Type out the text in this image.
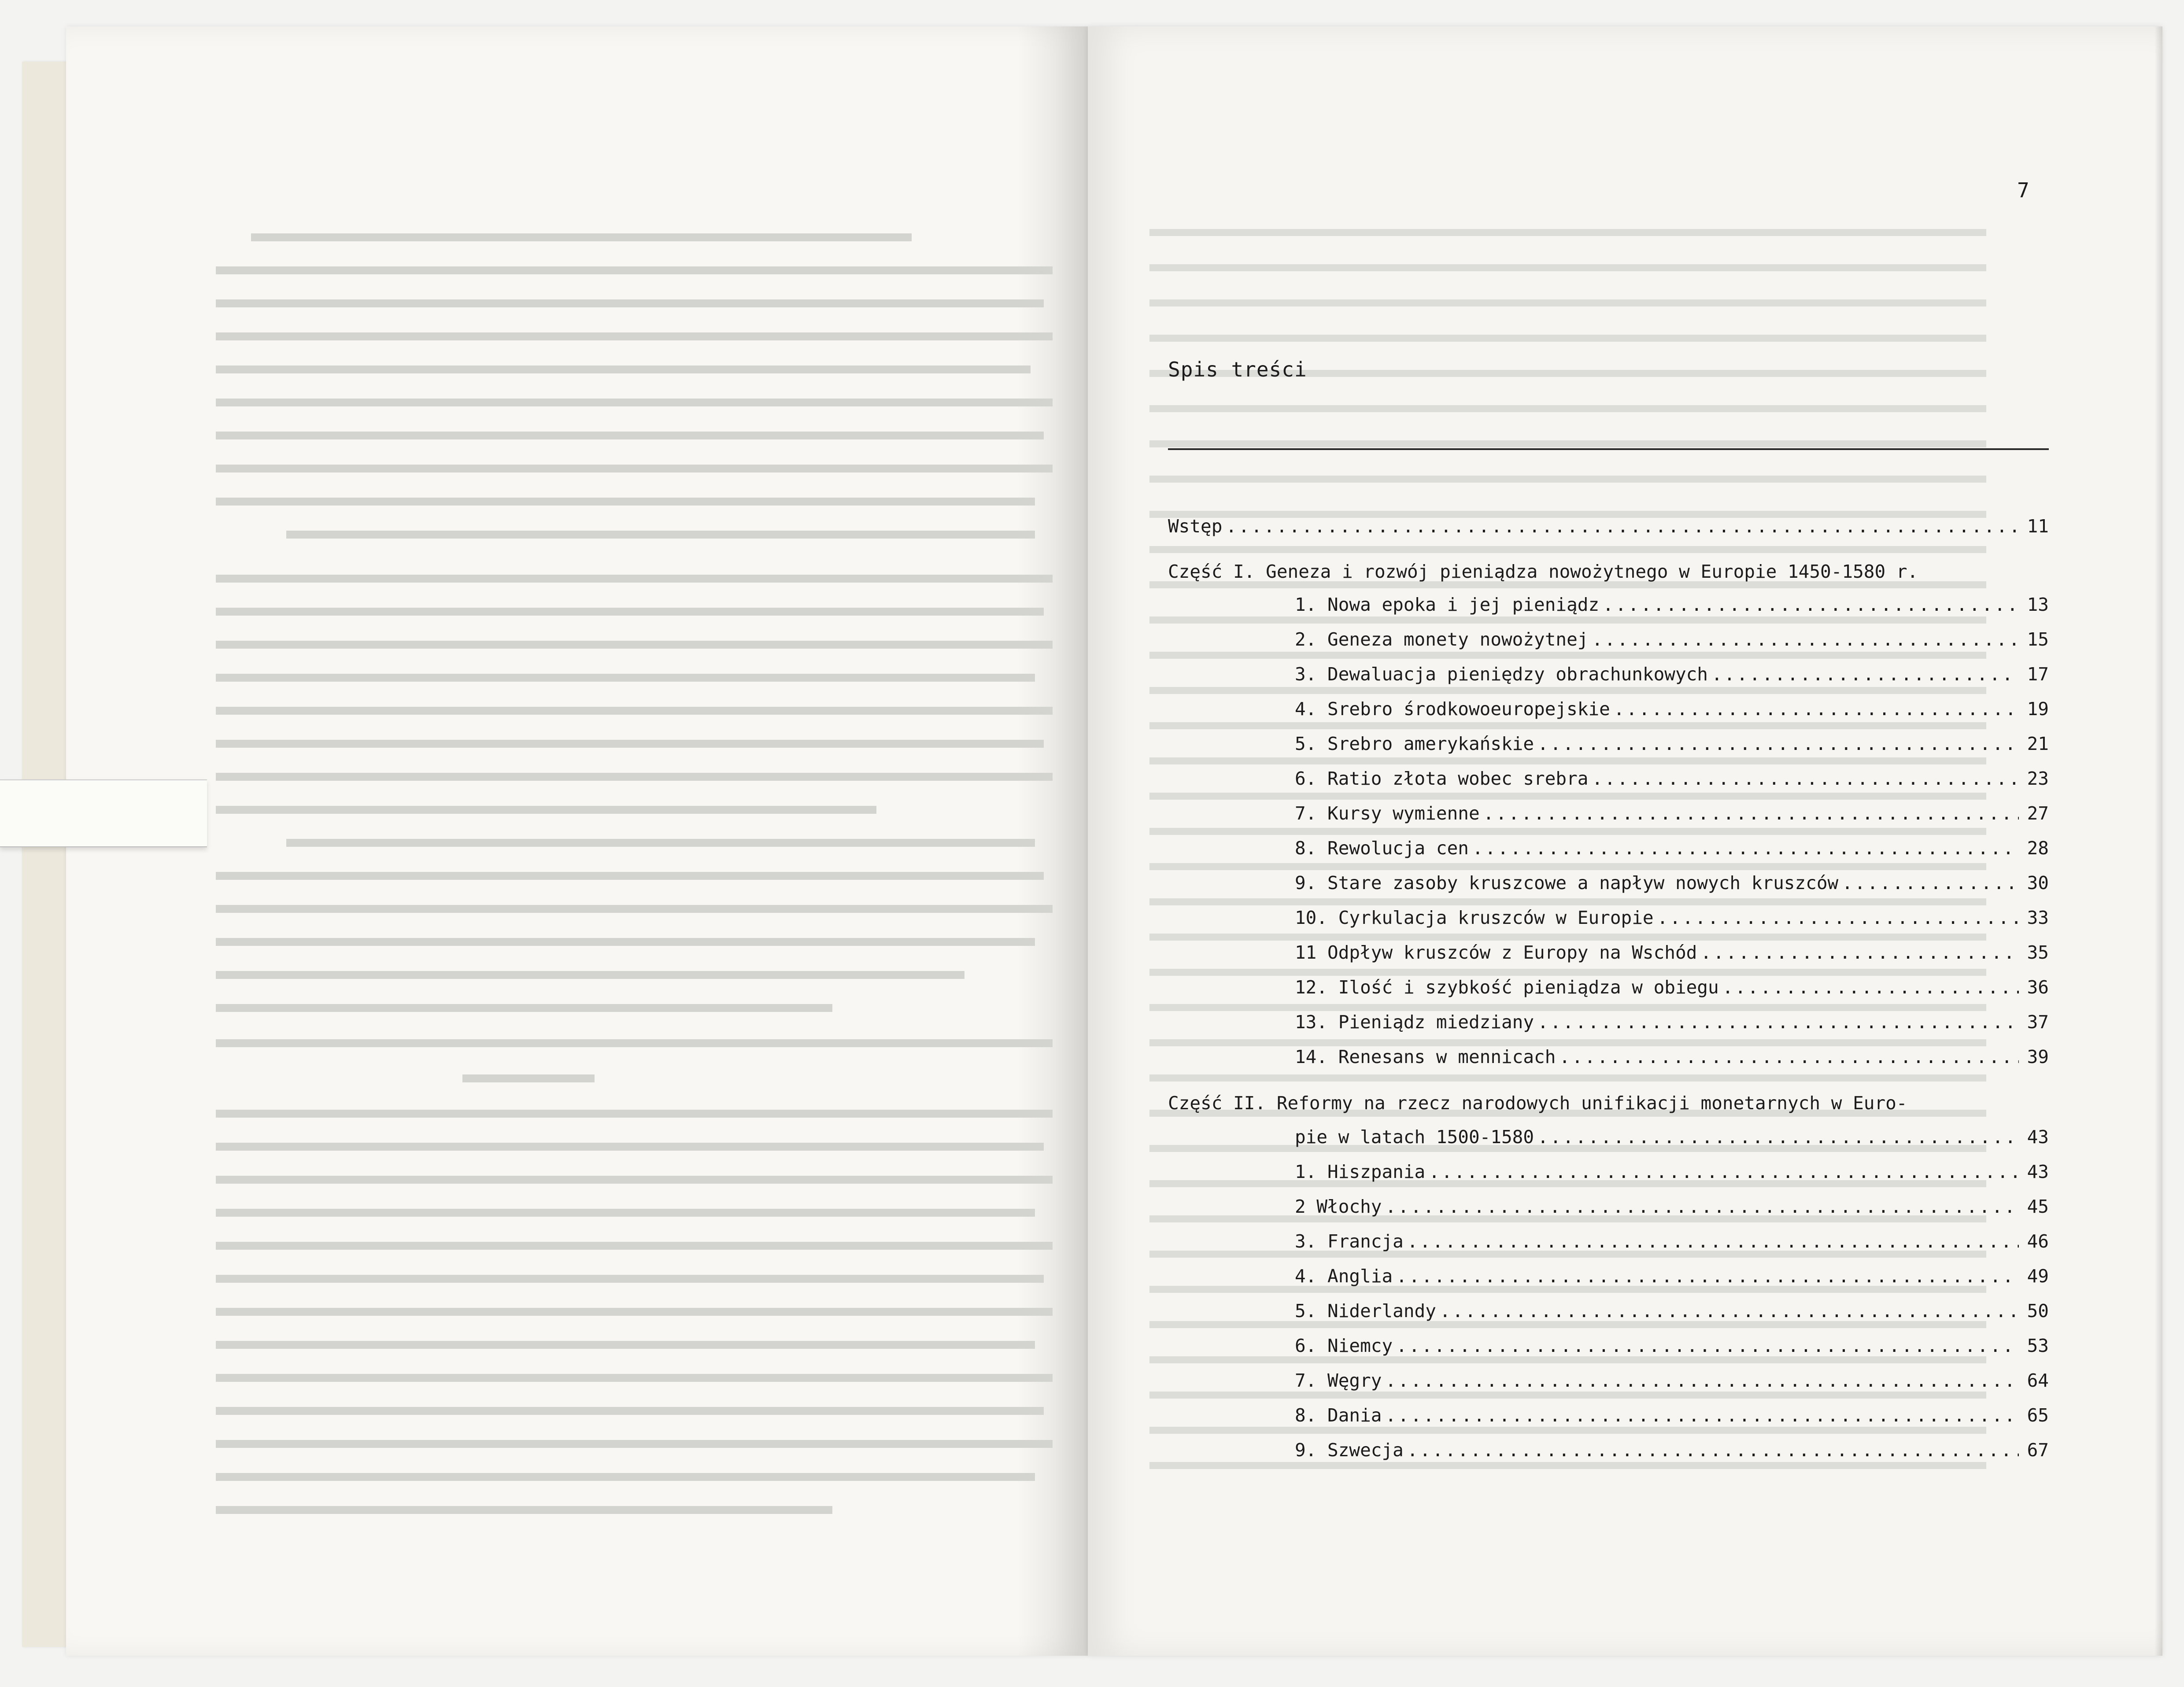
7
Spis treści
Wstęp .....	11
Część I. Geneza i rozwój pieniądza nowożytnego w Europie 1450-1580 r.
1. Nowa epoka i jej pieniądz .....	13
2. Geneza monety nowożytnej .....	15
3. Dewaluacja pieniędzy obrachunkowych .....	17
4. Srebro środkowoeuropejskie .....	19
5. Srebro amerykańskie .....	21
6. Ratio złota wobec srebra .....	23
7. Kursy wymienne .....	27
8. Rewolucja cen .....	28
9. Stare zasoby kruszcowe a napływ nowych kruszców .....	30
10. Cyrkulacja kruszców w Europie .....	33
11 Odpływ kruszców z Europy na Wschód .....	35
12. Ilość i szybkość pieniądza w obiegu .....	36
13. Pieniądz miedziany .....	37
14. Renesans w mennicach .....	39
Część II. Reformy na rzecz narodowych unifikacji monetarnych w Euro-
pie w latach 1500-1580 .....	43
1. Hiszpania .....	43
2 Włochy .....	45
3. Francja .....	46
4. Anglia .....	49
5. Niderlandy .....	50
6. Niemcy .....	53
7. Węgry .....	64
8. Dania .....	65
9. Szwecja .....	67
